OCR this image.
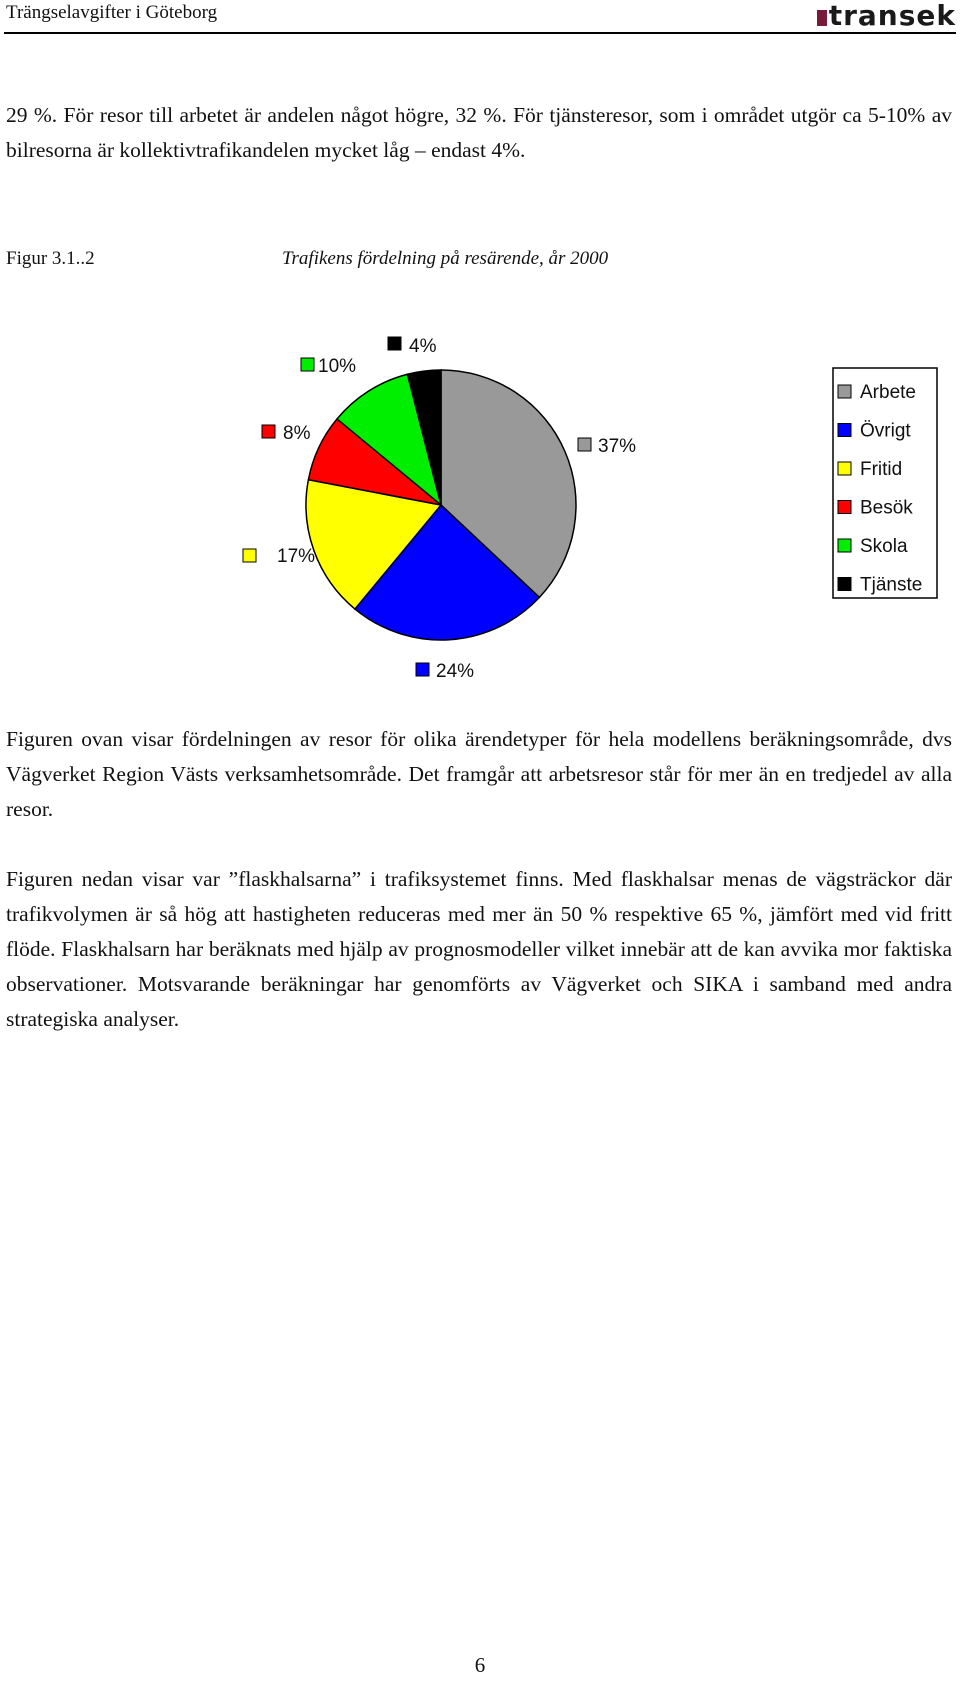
Trängselavgifter i Göteborg	transek

29 %. För resor till arbetet är andelen något högre, 32 %. För tjänsteresor, som i området utgör ca 5-10% av bilresorna är kollektivtrafikandelen mycket låg – endast 4%.

Figur 3.1..2	Trafikens fördelning på resärende, år 2000
37%
24%
17%
8%
10%
4%
Arbete
Övrigt
Fritid
Besök
Skola
Tjänste

Figuren ovan visar fördelningen av resor för olika ärendetyper för hela modellens beräkningsområde, dvs Vägverket Region Västs verksamhetsområde. Det framgår att arbetsresor står för mer än en tredjedel av alla resor.

Figuren nedan visar var ”flaskhalsarna” i trafiksystemet finns. Med flaskhalsar menas de vägsträckor där trafikvolymen är så hög att hastigheten reduceras med mer än 50 % respektive 65 %, jämfört med vid fritt flöde. Flaskhalsarn har beräknats med hjälp av prognosmodeller vilket innebär att de kan avvika mor faktiska observationer. Motsvarande beräkningar har genomförts av Vägverket och SIKA i samband med andra strategiska analyser.

6
